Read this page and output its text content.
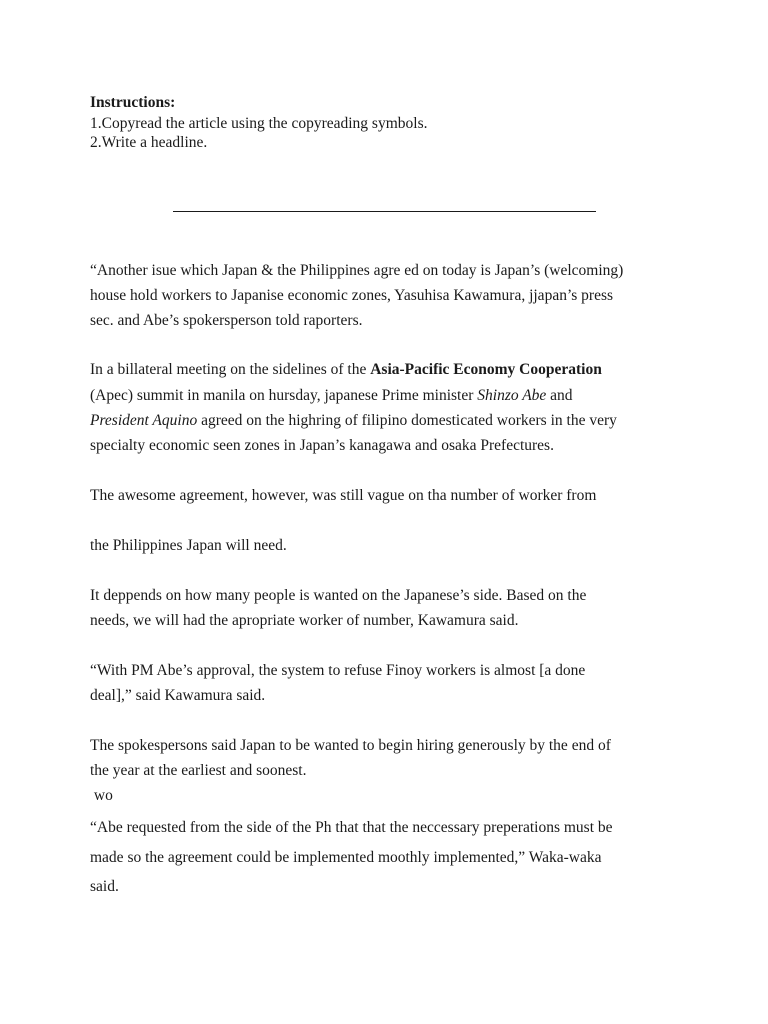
Instructions:
1.Copyread the article using the copyreading symbols.
2.Write a headline.
“Another isue which Japan & the Philippines agre ed on today is Japan’s (welcoming)
house hold workers to Japanise economic zones, Yasuhisa Kawamura, jjapan’s press
sec. and Abe’s spokersperson told raporters.
In a billateral meeting on the sidelines of the Asia-Pacific Economy Cooperation
(Apec) summit in manila on hursday, japanese Prime minister Shinzo Abe and
President Aquino agreed on the highring of filipino domesticated workers in the very
specialty economic seen zones in Japan’s kanagawa and osaka Prefectures.
The awesome agreement, however, was still vague on tha number of worker from
the Philippines Japan will need.
It deppends on how many people is wanted on the Japanese’s side. Based on the
needs, we will had the apropriate worker of number, Kawamura said.
“With PM Abe’s approval, the system to refuse Finoy workers is almost [a done
deal],” said Kawamura said.
The spokespersons said Japan to be wanted to begin hiring generously by the end of
the year at the earliest and soonest.
wo
“Abe requested from the side of the Ph that that the neccessary preperations must be
made so the agreement could be implemented moothly implemented,” Waka-waka
said.
